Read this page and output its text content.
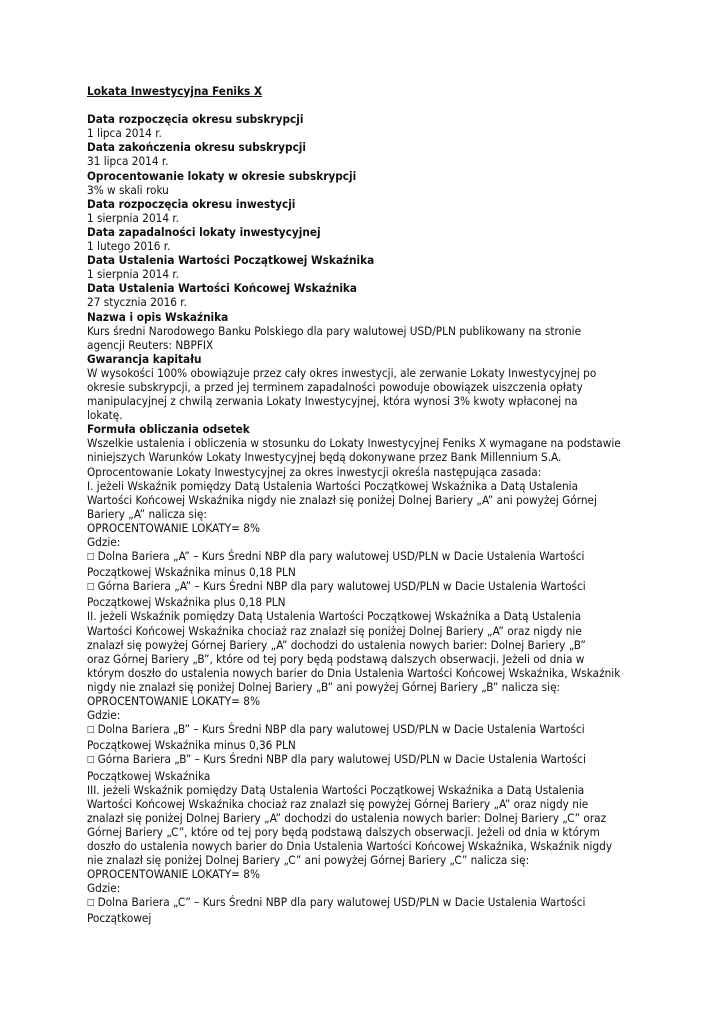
Lokata Inwestycyjna Feniks X
Data rozpoczęcia okresu subskrypcji
1 lipca 2014 r.
Data zakończenia okresu subskrypcji
31 lipca 2014 r.
Oprocentowanie lokaty w okresie subskrypcji
3% w skali roku
Data rozpoczęcia okresu inwestycji
1 sierpnia 2014 r.
Data zapadalności lokaty inwestycyjnej
1 lutego 2016 r.
Data Ustalenia Wartości Początkowej Wskaźnika
1 sierpnia 2014 r.
Data Ustalenia Wartości Końcowej Wskaźnika
27 stycznia 2016 r.
Nazwa i opis Wskaźnika
Kurs średni Narodowego Banku Polskiego dla pary walutowej USD/PLN publikowany na stronie
agencji Reuters: NBPFIX
Gwarancja kapitału
W wysokości 100% obowiązuje przez cały okres inwestycji, ale zerwanie Lokaty Inwestycyjnej po
okresie subskrypcji, a przed jej terminem zapadalności powoduje obowiązek uiszczenia opłaty
manipulacyjnej z chwilą zerwania Lokaty Inwestycyjnej, która wynosi 3% kwoty wpłaconej na
lokatę.
Formuła obliczania odsetek
Wszelkie ustalenia i obliczenia w stosunku do Lokaty Inwestycyjnej Feniks X wymagane na podstawie
niniejszych Warunków Lokaty Inwestycyjnej będą dokonywane przez Bank Millennium S.A.
Oprocentowanie Lokaty Inwestycyjnej za okres inwestycji określa następująca zasada:
I. jeżeli Wskaźnik pomiędzy Datą Ustalenia Wartości Początkowej Wskaźnika a Datą Ustalenia
Wartości Końcowej Wskaźnika nigdy nie znalazł się poniżej Dolnej Bariery „A” ani powyżej Górnej
Bariery „A” nalicza się:
OPROCENTOWANIE LOKATY= 8%
Gdzie:
□ Dolna Bariera „A” – Kurs Średni NBP dla pary walutowej USD/PLN w Dacie Ustalenia Wartości
Początkowej Wskaźnika minus 0,18 PLN
□ Górna Bariera „A” – Kurs Średni NBP dla pary walutowej USD/PLN w Dacie Ustalenia Wartości
Początkowej Wskaźnika plus 0,18 PLN
II. jeżeli Wskaźnik pomiędzy Datą Ustalenia Wartości Początkowej Wskaźnika a Datą Ustalenia
Wartości Końcowej Wskaźnika chociaż raz znalazł się poniżej Dolnej Bariery „A” oraz nigdy nie
znalazł się powyżej Górnej Bariery „A” dochodzi do ustalenia nowych barier: Dolnej Bariery „B”
oraz Górnej Bariery „B”, które od tej pory będą podstawą dalszych obserwacji. Jeżeli od dnia w
którym doszło do ustalenia nowych barier do Dnia Ustalenia Wartości Końcowej Wskaźnika, Wskaźnik
nigdy nie znalazł się poniżej Dolnej Bariery „B” ani powyżej Górnej Bariery „B” nalicza się:
OPROCENTOWANIE LOKATY= 8%
Gdzie:
□ Dolna Bariera „B” – Kurs Średni NBP dla pary walutowej USD/PLN w Dacie Ustalenia Wartości
Początkowej Wskaźnika minus 0,36 PLN
□ Górna Bariera „B” – Kurs Średni NBP dla pary walutowej USD/PLN w Dacie Ustalenia Wartości
Początkowej Wskaźnika
III. jeżeli Wskaźnik pomiędzy Datą Ustalenia Wartości Początkowej Wskaźnika a Datą Ustalenia
Wartości Końcowej Wskaźnika chociaż raz znalazł się powyżej Górnej Bariery „A” oraz nigdy nie
znalazł się poniżej Dolnej Bariery „A” dochodzi do ustalenia nowych barier: Dolnej Bariery „C” oraz
Górnej Bariery „C”, które od tej pory będą podstawą dalszych obserwacji. Jeżeli od dnia w którym
doszło do ustalenia nowych barier do Dnia Ustalenia Wartości Końcowej Wskaźnika, Wskaźnik nigdy
nie znalazł się poniżej Dolnej Bariery „C” ani powyżej Górnej Bariery „C” nalicza się:
OPROCENTOWANIE LOKATY= 8%
Gdzie:
□ Dolna Bariera „C” – Kurs Średni NBP dla pary walutowej USD/PLN w Dacie Ustalenia Wartości
Początkowej
